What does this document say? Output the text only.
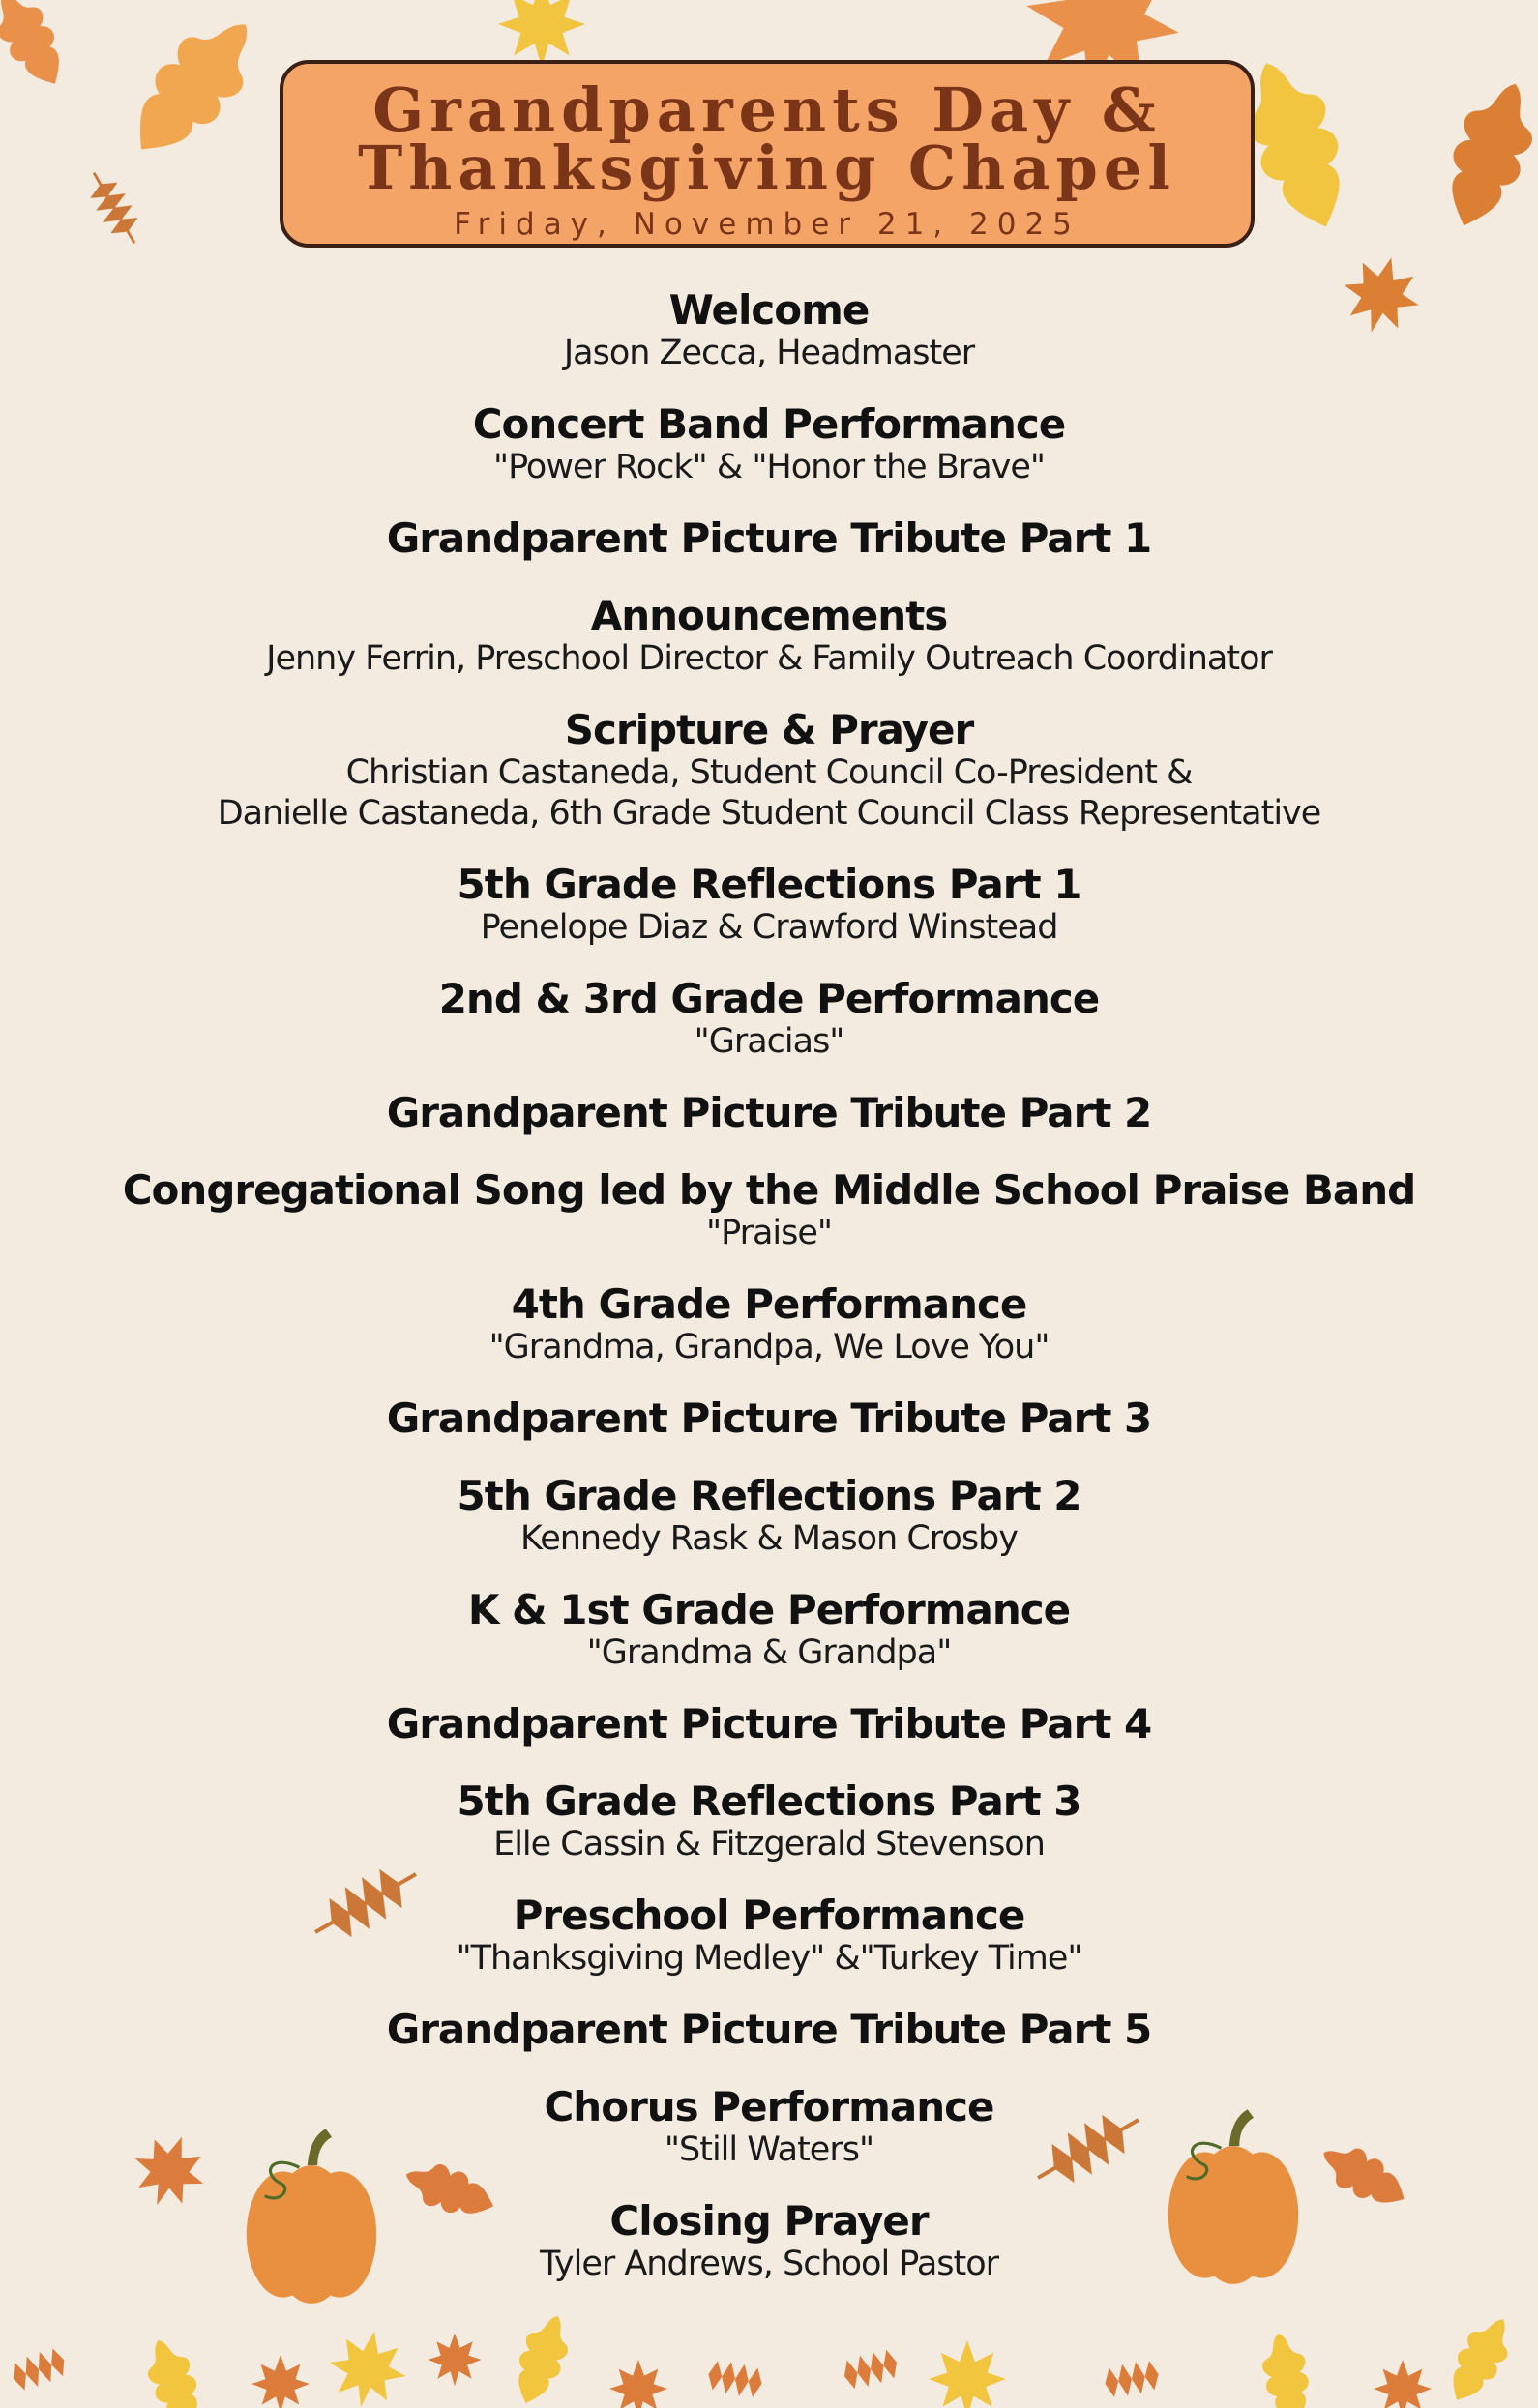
Grandparents Day &
Thanksgiving Chapel
Friday, November 21, 2025
Welcome
Jason Zecca, Headmaster
Concert Band Performance
"Power Rock" & "Honor the Brave"
Grandparent Picture Tribute Part 1
Announcements
Jenny Ferrin, Preschool Director & Family Outreach Coordinator
Scripture & Prayer
Christian Castaneda, Student Council Co-President &
Danielle Castaneda, 6th Grade Student Council Class Representative
5th Grade Reflections Part 1
Penelope Diaz & Crawford Winstead
2nd & 3rd Grade Performance
"Gracias"
Grandparent Picture Tribute Part 2
Congregational Song led by the Middle School Praise Band
"Praise"
4th Grade Performance
"Grandma, Grandpa, We Love You"
Grandparent Picture Tribute Part 3
5th Grade Reflections Part 2
Kennedy Rask & Mason Crosby
K & 1st Grade Performance
"Grandma & Grandpa"
Grandparent Picture Tribute Part 4
5th Grade Reflections Part 3
Elle Cassin & Fitzgerald Stevenson
Preschool Performance
"Thanksgiving Medley" &"Turkey Time"
Grandparent Picture Tribute Part 5
Chorus Performance
"Still Waters"
Closing Prayer
Tyler Andrews, School Pastor
